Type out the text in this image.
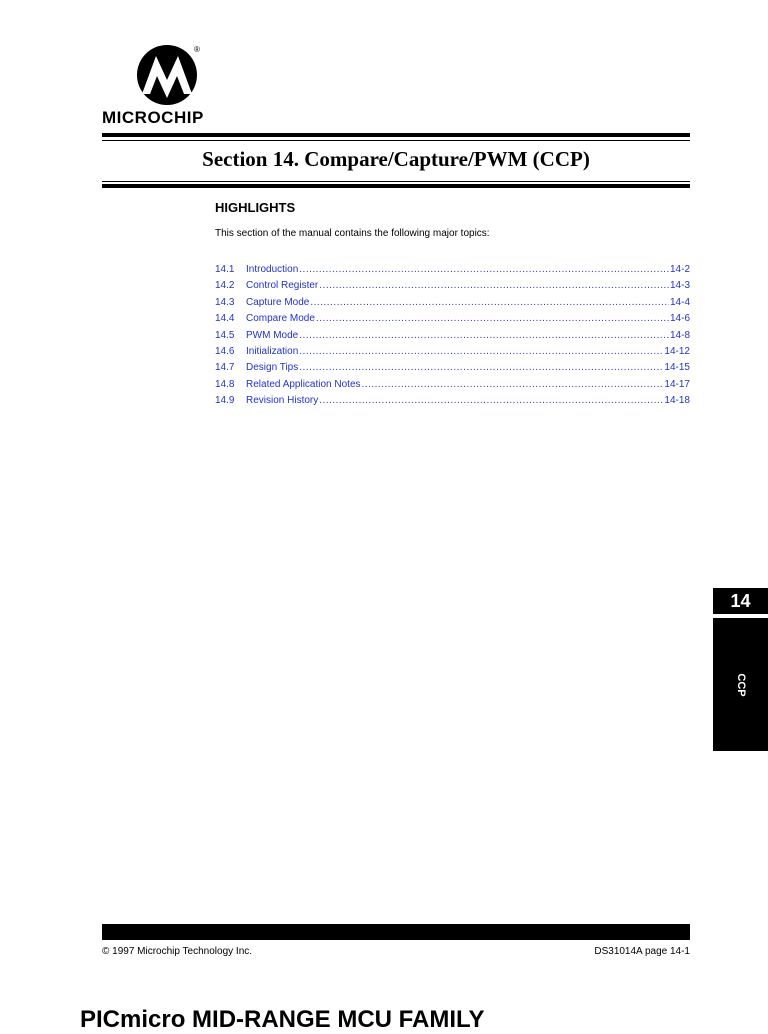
®
MICROCHIP
Section 14. Compare/Capture/PWM (CCP)
HIGHLIGHTS
This section of the manual contains the following major topics:
14.1	Introduction .....	14-2
14.2	Control Register .....	14-3
14.3	Capture Mode .....	14-4
14.4	Compare Mode .....	14-6
14.5	PWM Mode .....	14-8
14.6	Initialization .....	14-12
14.7	Design Tips .....	14-15
14.8	Related Application Notes .....	14-17
14.9	Revision History .....	14-18
14
CCP
© 1997 Microchip Technology Inc.	DS31014A page 14-1
PICmicro MID-RANGE MCU FAMILY
